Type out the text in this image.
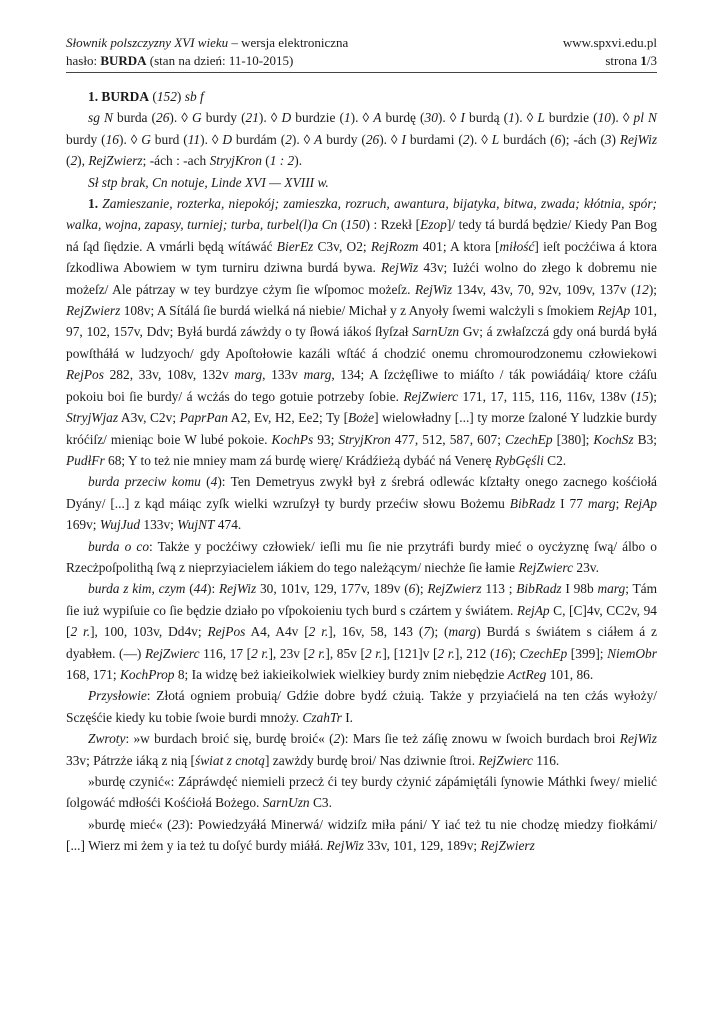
Słownik polszczyzny XVI wieku – wersja elektroniczna	www.spxvi.edu.pl
hasło: BURDA (stan na dzień: 11-10-2015)	strona 1/3

1. BURDA (152) sb f

sg N burda (26). ◊ G burdy (21). ◊ D burdzie (1). ◊ A burdę (30). ◊ I burdą (1). ◊ L burdzie (10). ◊ pl N burdy (16). ◊ G burd (11). ◊ D burdám (2). ◊ A burdy (26). ◊ I burdami (2). ◊ L burdách (6); -ách (3) RejWiz (2), RejZwierz; -ách : -ach StryjKron (1 : 2).

Sł stp brak, Cn notuje, Linde XVI — XVIII w.

1. Zamieszanie, rozterka, niepokój; zamieszka, rozruch, awantura, bijatyka, bitwa, zwada; kłótnia, spór; walka, wojna, zapasy, turniej; turba, turbel(l)a Cn (150) : Rzekł [Ezop]/ tedy tá burdá będzie/ Kiedy Pan Bog ná ſąd ſiędzie. A vmárli będą wítáwáć BierEz C3v, O2; RejRozm 401; A ktora [miłość] ieſt pocżćiwa á ktora ſzkodliwa Abowiem w tym turniru dziwna burdá bywa. RejWiz 43v; Iużći wolno do złego k dobremu nie możeſz/ Ale pátrzay w tey burdzye cżym ſie wſpomoc możeſz. RejWiz 134v, 43v, 70, 92v, 109v, 137v (12); RejZwierz 108v; A Sítálá ſie burdá wielká ná niebie/ Michał y z Anyoły ſwemi walcżyli s ſmokiem RejAp 101, 97, 102, 157v, Ddv; Byłá burdá záwżdy o ty ſłowá iákoś ſłyſzał SarnUzn Gv; á zwłaſzczá gdy oná burdá byłá powſtháłá w ludzyoch/ gdy Apoſtołowie kazáli wſtáć á chodzić onemu chromourodzonemu człowiekowi RejPos 282, 33v, 108v, 132v marg, 133v marg, 134; A ſzcżęſliwe to miáſto / ták powiádáią/ ktore cżáſu pokoiu boi ſie burdy/ á wcżás do tego gotuie potrzeby ſobie. RejZwierc 171, 17, 115, 116, 116v, 138v (15); StryjWjaz A3v, C2v; PaprPan A2, Ev, H2, Ee2; Ty [Boże] wielowładny [...] ty morze ſzaloné Y ludzkie burdy króćiſz/ mieniąc boie W lubé pokoie. KochPs 93; StryjKron 477, 512, 587, 607; CzechEp [380]; KochSz B3; PudłFr 68; Y to też nie mniey mam zá burdę wierę/ Krádźieżą dybáć ná Venerę RybGęśli C2.

burda przeciw komu (4): Ten Demetryus zwykł był z śrebrá odlewác kſztałty onego zacnego kośćiołá Dyány/ [...] z kąd máiąc zyſk wielki wzruſzył ty burdy przećiw słowu Bożemu BibRadz I 77 marg; RejAp 169v; WujJud 133v; WujNT 474.

burda o co: Także y pocżćiwy człowiek/ ieſli mu ſie nie przytráfi burdy mieć o oycżyznę ſwą/ álbo o Rzecżpoſpolithą ſwą z nieprzyiacielem iákiem do tego należącym/ niechże ſie łamie RejZwierc 23v.

burda z kim, czym (44): RejWiz 30, 101v, 129, 177v, 189v (6); RejZwierz 113 ; BibRadz I 98b marg; Tám ſie iuż wypiſuie co ſie będzie działo po vſpokoieniu tych burd s czártem y świátem. RejAp C, [C]4v, CC2v, 94 [2 r.], 100, 103v, Dd4v; RejPos A4, A4v [2 r.], 16v, 58, 143 (7); (marg) Burdá s świátem s ciáłem á z dyabłem. (—) RejZwierc 116, 17 [2 r.], 23v [2 r.], 85v [2 r.], [121]v [2 r.], 212 (16); CzechEp [399]; NiemObr 168, 171; KochProp 8; Ia widzę beż iakieikolwiek wielkiey burdy znim niebędzie ActReg 101, 86.

Przysłowie: Złotá ogniem probuią/ Gdźie dobre bydź cżuią. Także y przyiaćielá na ten cżás wyłoży/ Sczęśćie kiedy ku tobie ſwoie burdi mnoży. CzahTr I.

Zwroty: »w burdach broić się, burdę broić« (2): Mars ſie też záſię znowu w ſwoich burdach broi RejWiz 33v; Pátrzże iáką z nią [świat z cnotą] zawżdy burdę broi/ Nas dziwnie ſtroi. RejZwierc 116.

»burdę czynić«: Zápráwdęć niemieli przecż ći tey burdy cżynić zápámiętáli ſynowie Máthki ſwey/ mielić ſolgowáć mdłośći Kośćiołá Bożego. SarnUzn C3.

»burdę mieć« (23): Powiedzyáłá Minerwá/ widziſz miła páni/ Y iać też tu nie chodzę miedzy fiołkámi/ [...] Wierz mi żem y ia też tu doſyć burdy miáłá. RejWiz 33v, 101, 129, 189v; RejZwierz
